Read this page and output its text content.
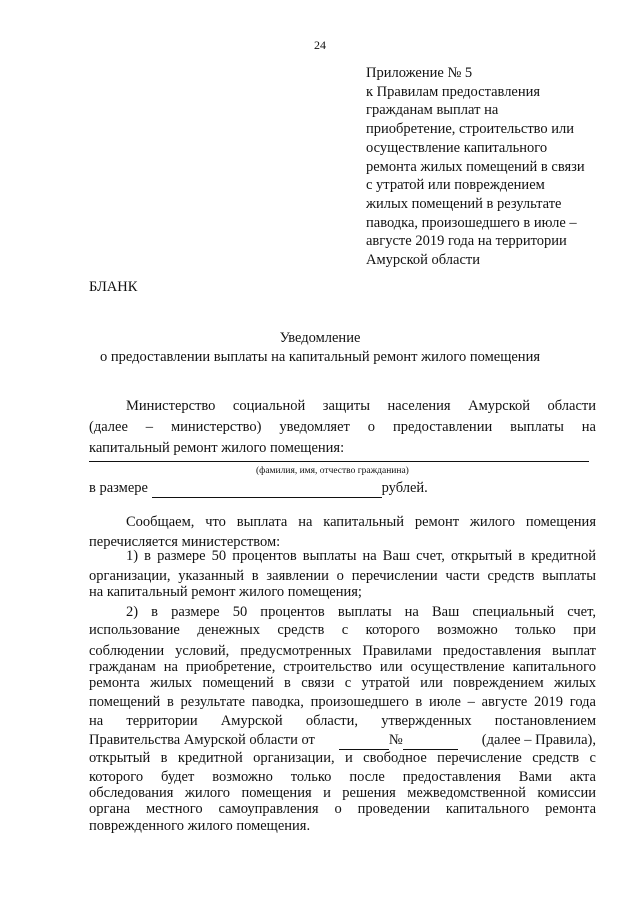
24
Приложение № 5
к Правилам предоставления
гражданам выплат на
приобретение, строительство или
осуществление капитального
ремонта жилых помещений в связи
с утратой или повреждением
жилых помещений в результате
паводка, произошедшего в июле –
августе 2019 года на территории
Амурской области
БЛАНК
Уведомление
о предоставлении выплаты на капитальный ремонт жилого помещения
Министерство социальной защиты населения Амурской области
(далее – министерство) уведомляет о предоставлении выплаты на
капитальный ремонт жилого помещения:
(фамилия, имя, отчество гражданина)
в размере	рублей.
Сообщаем, что выплата на капитальный ремонт жилого помещения
перечисляется министерством:
1) в размере 50 процентов выплаты на Ваш счет, открытый в кредитной
организации, указанный в заявлении о перечислении части средств выплаты
на капитальный ремонт жилого помещения;
2) в размере 50 процентов выплаты на Ваш специальный счет,
использование денежных средств с которого возможно только при
соблюдении условий, предусмотренных Правилами предоставления выплат
гражданам на приобретение, строительство или осуществление капитального
ремонта жилых помещений в связи с утратой или повреждением жилых
помещений в результате паводка, произошедшего в июле – августе 2019 года
на территории Амурской области, утвержденных постановлением
Правительства Амурской области от
	№
	(далее – Правила),
открытый в кредитной организации, и свободное перечисление средств с
которого будет возможно только после предоставления Вами акта
обследования жилого помещения и решения межведомственной комиссии
органа местного самоуправления о проведении капитального ремонта
поврежденного жилого помещения.
